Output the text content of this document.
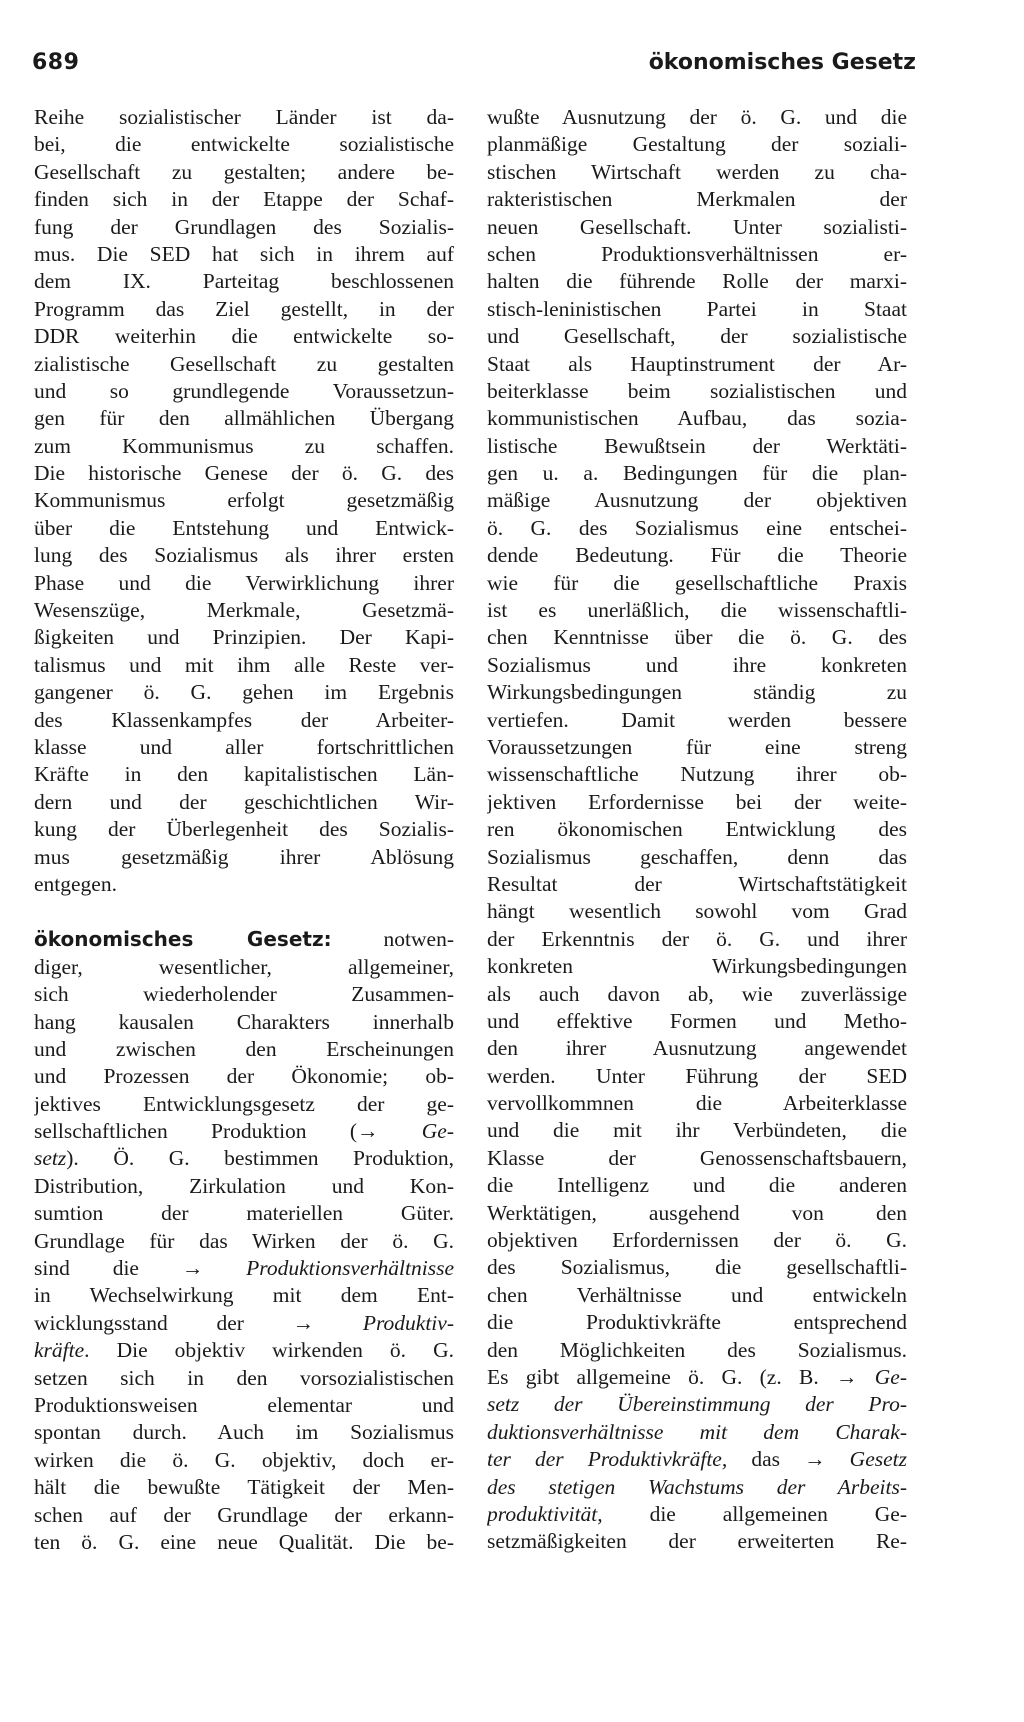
689	ökonomisches Gesetz
Reihe sozialistischer Länder ist da-
bei, die entwickelte sozialistische
Gesellschaft zu gestalten; andere be-
finden sich in der Etappe der Schaf-
fung der Grundlagen des Sozialis-
mus. Die SED hat sich in ihrem auf
dem IX. Parteitag beschlossenen
Programm das Ziel gestellt, in der
DDR weiterhin die entwickelte so-
zialistische Gesellschaft zu gestalten
und so grundlegende Voraussetzun-
gen für den allmählichen Übergang
zum Kommunismus zu schaffen.
Die historische Genese der ö. G. des
Kommunismus erfolgt gesetzmäßig
über die Entstehung und Entwick-
lung des Sozialismus als ihrer ersten
Phase und die Verwirklichung ihrer
Wesenszüge, Merkmale, Gesetzmä-
ßigkeiten und Prinzipien. Der Kapi-
talismus und mit ihm alle Reste ver-
gangener ö. G. gehen im Ergebnis
des Klassenkampfes der Arbeiter-
klasse und aller fortschrittlichen
Kräfte in den kapitalistischen Län-
dern und der geschichtlichen Wir-
kung der Überlegenheit des Sozialis-
mus gesetzmäßig ihrer Ablösung
entgegen.
ökonomisches Gesetz: notwen-
diger, wesentlicher, allgemeiner,
sich wiederholender Zusammen-
hang kausalen Charakters innerhalb
und zwischen den Erscheinungen
und Prozessen der Ökonomie; ob-
jektives Entwicklungsgesetz der ge-
sellschaftlichen Produktion (→ Ge-
setz). Ö. G. bestimmen Produktion,
Distribution, Zirkulation und Kon-
sumtion der materiellen Güter.
Grundlage für das Wirken der ö. G.
sind die → Produktionsverhältnisse
in Wechselwirkung mit dem Ent-
wicklungsstand der → Produktiv-
kräfte. Die objektiv wirkenden ö. G.
setzen sich in den vorsozialistischen
Produktionsweisen elementar und
spontan durch. Auch im Sozialismus
wirken die ö. G. objektiv, doch er-
hält die bewußte Tätigkeit der Men-
schen auf der Grundlage der erkann-
ten ö. G. eine neue Qualität. Die be-
wußte Ausnutzung der ö. G. und die
planmäßige Gestaltung der soziali-
stischen Wirtschaft werden zu cha-
rakteristischen Merkmalen der
neuen Gesellschaft. Unter sozialisti-
schen Produktionsverhältnissen er-
halten die führende Rolle der marxi-
stisch-leninistischen Partei in Staat
und Gesellschaft, der sozialistische
Staat als Hauptinstrument der Ar-
beiterklasse beim sozialistischen und
kommunistischen Aufbau, das sozia-
listische Bewußtsein der Werktäti-
gen u. a. Bedingungen für die plan-
mäßige Ausnutzung der objektiven
ö. G. des Sozialismus eine entschei-
dende Bedeutung. Für die Theorie
wie für die gesellschaftliche Praxis
ist es unerläßlich, die wissenschaftli-
chen Kenntnisse über die ö. G. des
Sozialismus und ihre konkreten
Wirkungsbedingungen ständig zu
vertiefen. Damit werden bessere
Voraussetzungen für eine streng
wissenschaftliche Nutzung ihrer ob-
jektiven Erfordernisse bei der weite-
ren ökonomischen Entwicklung des
Sozialismus geschaffen, denn das
Resultat der Wirtschaftstätigkeit
hängt wesentlich sowohl vom Grad
der Erkenntnis der ö. G. und ihrer
konkreten Wirkungsbedingungen
als auch davon ab, wie zuverlässige
und effektive Formen und Metho-
den ihrer Ausnutzung angewendet
werden. Unter Führung der SED
vervollkommnen die Arbeiterklasse
und die mit ihr Verbündeten, die
Klasse der Genossenschaftsbauern,
die Intelligenz und die anderen
Werktätigen, ausgehend von den
objektiven Erfordernissen der ö. G.
des Sozialismus, die gesellschaftli-
chen Verhältnisse und entwickeln
die Produktivkräfte entsprechend
den Möglichkeiten des Sozialismus.
Es gibt allgemeine ö. G. (z. B. → Ge-
setz der Übereinstimmung der Pro-
duktionsverhältnisse mit dem Charak-
ter der Produktivkräfte, das → Gesetz
des stetigen Wachstums der Arbeits-
produktivität, die allgemeinen Ge-
setzmäßigkeiten der erweiterten Re-
